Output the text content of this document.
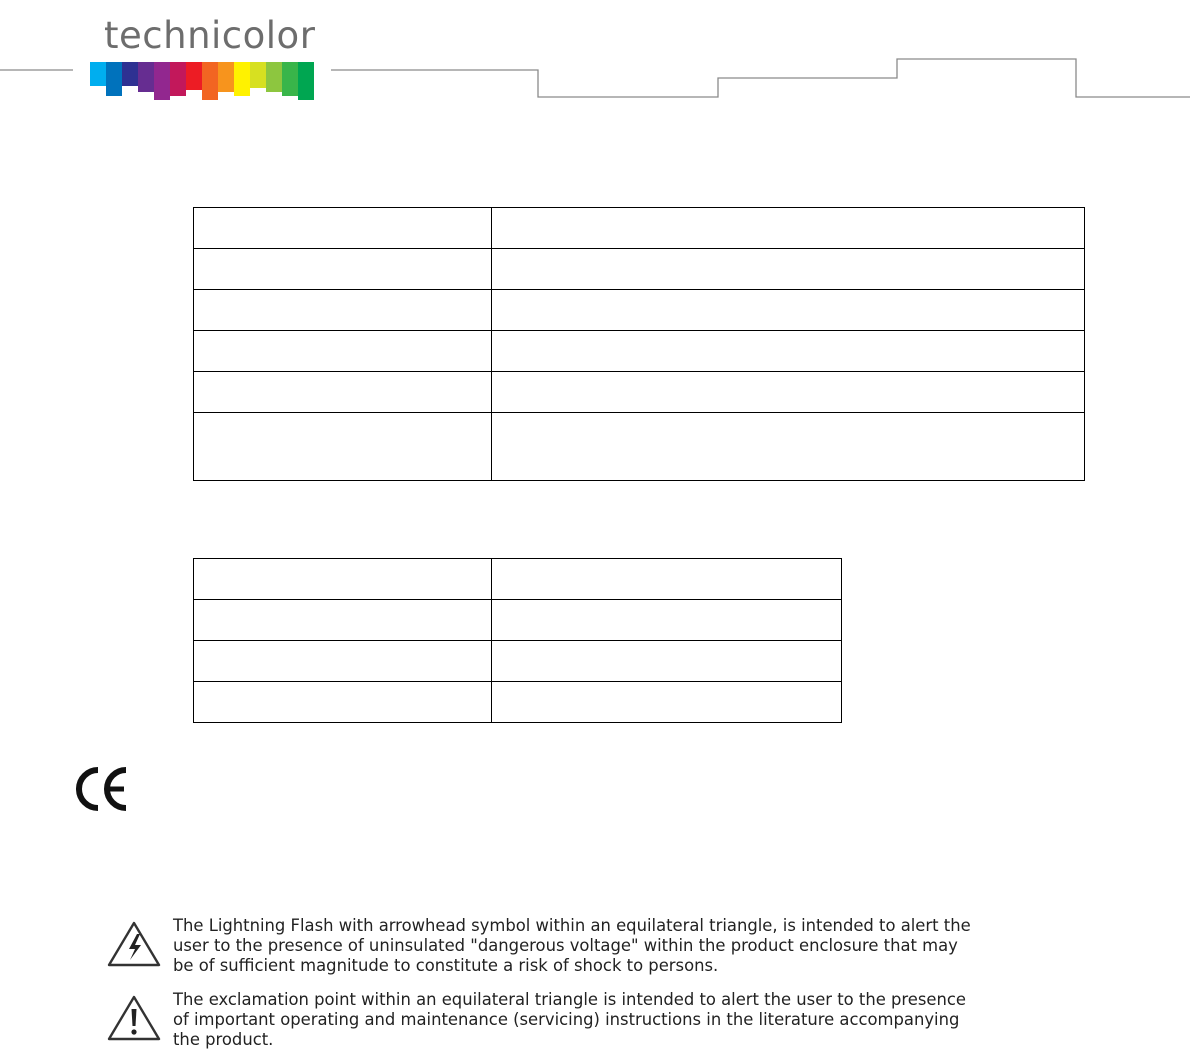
technicolor

The Lightning Flash with arrowhead symbol within an equilateral triangle, is intended to alert the user to the presence of uninsulated "dangerous voltage" within the product enclosure that may be of sufficient magnitude to constitute a risk of shock to persons.
The exclamation point within an equilateral triangle is intended to alert the user to the presence of important operating and maintenance (servicing) instructions in the literature accompanying the product.
